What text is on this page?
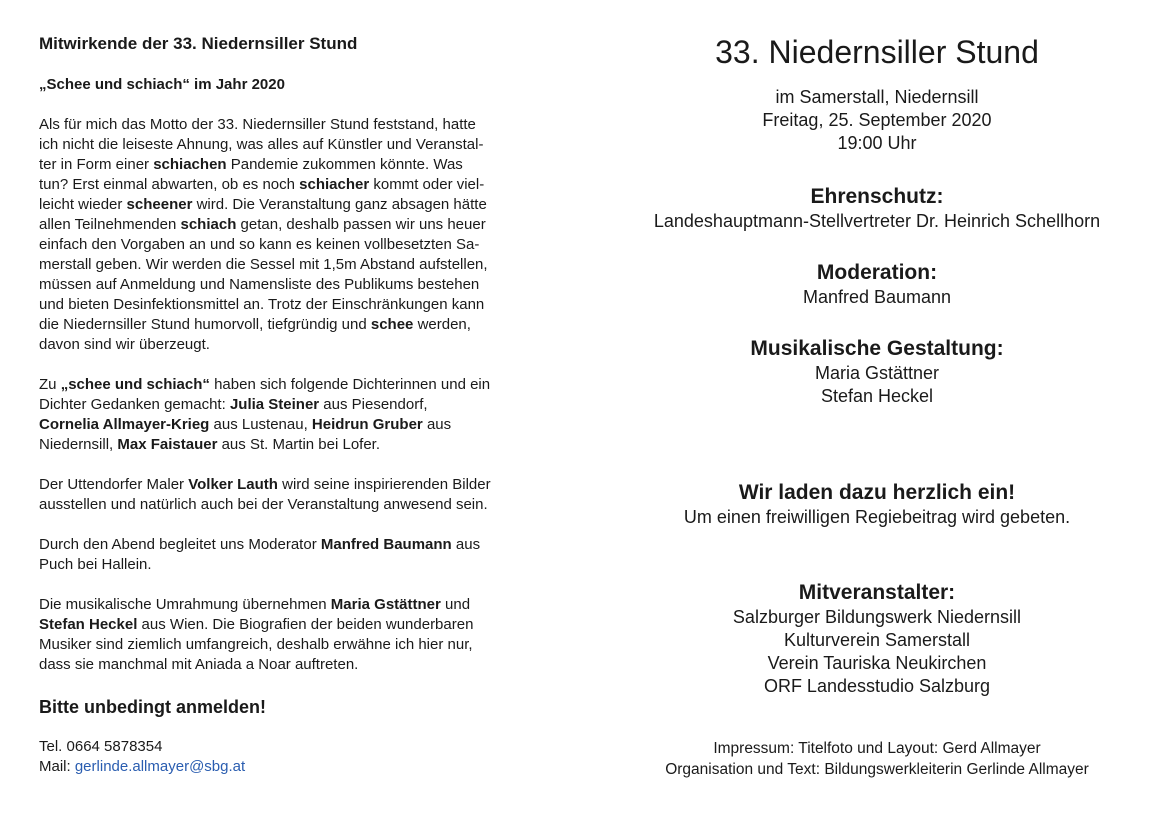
Mitwirkende der 33. Niedernsiller Stund

„Schee und schiach“ im Jahr 2020

Als für mich das Motto der 33. Niedernsiller Stund feststand, hatte
ich nicht die leiseste Ahnung, was alles auf Künstler und Veranstal-
ter in Form einer schiachen Pandemie zukommen könnte. Was
tun? Erst einmal abwarten, ob es noch schiacher kommt oder viel-
leicht wieder scheener wird. Die Veranstaltung ganz absagen hätte
allen Teilnehmenden schiach getan, deshalb passen wir uns heuer
einfach den Vorgaben an und so kann es keinen vollbesetzten Sa-
merstall geben. Wir werden die Sessel mit 1,5m Abstand aufstellen,
müssen auf Anmeldung und Namensliste des Publikums bestehen
und bieten Desinfektionsmittel an. Trotz der Einschränkungen kann
die Niedernsiller Stund humorvoll, tiefgründig und schee werden,
davon sind wir überzeugt.
Zu „schee und schiach“ haben sich folgende Dichterinnen und ein
Dichter Gedanken gemacht: Julia Steiner aus Piesendorf,
Cornelia Allmayer-Krieg aus Lustenau, Heidrun Gruber aus
Niedernsill, Max Faistauer aus St. Martin bei Lofer.
Der Uttendorfer Maler Volker Lauth wird seine inspirierenden Bilder
ausstellen und natürlich auch bei der Veranstaltung anwesend sein.
Durch den Abend begleitet uns Moderator Manfred Baumann aus
Puch bei Hallein.
Die musikalische Umrahmung übernehmen Maria Gstättner und
Stefan Heckel aus Wien. Die Biografien der beiden wunderbaren
Musiker sind ziemlich umfangreich, deshalb erwähne ich hier nur,
dass sie manchmal mit Aniada a Noar auftreten.

Bitte unbedingt anmelden!

Tel. 0664 5878354
Mail: gerlinde.allmayer@sbg.at

33. Niedernsiller Stund

im Samerstall, Niedernsill

Freitag, 25. September 2020

19:00 Uhr

Ehrenschutz:

Landeshauptmann-Stellvertreter Dr. Heinrich Schellhorn

Moderation:

Manfred Baumann

Musikalische Gestaltung:

Maria Gstättner

Stefan Heckel

Wir laden dazu herzlich ein!

Um einen freiwilligen Regiebeitrag wird gebeten.

Mitveranstalter:

Salzburger Bildungswerk Niedernsill

Kulturverein Samerstall

Verein Tauriska Neukirchen

ORF Landesstudio Salzburg

Impressum: Titelfoto und Layout: Gerd Allmayer

Organisation und Text: Bildungswerkleiterin Gerlinde Allmayer
